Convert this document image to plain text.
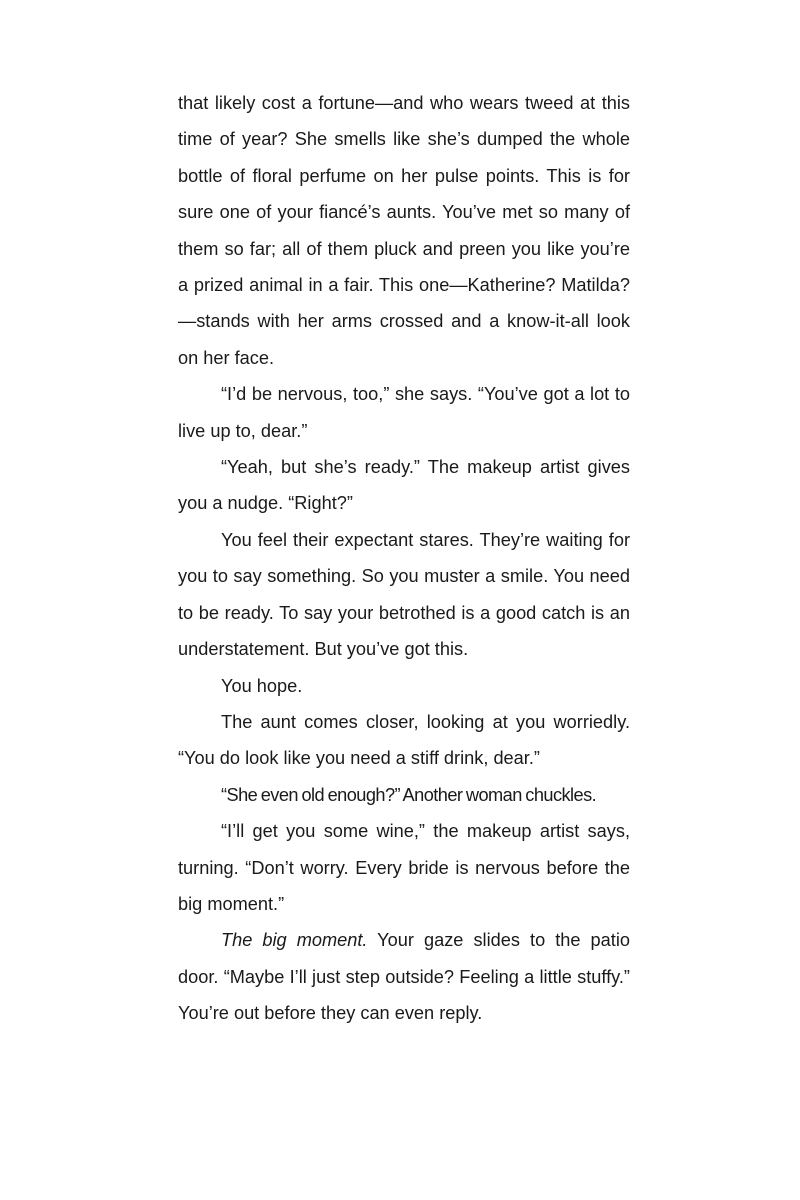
that likely cost a fortune—and who wears tweed at this time of year? She smells like she’s dumped the whole bottle of floral perfume on her pulse points. This is for sure one of your fiancé’s aunts. You’ve met so many of them so far; all of them pluck and preen you like you’re a prized animal in a fair. This one—Katherine? Matilda?—stands with her arms crossed and a know-it-all look on her face.

“I’d be nervous, too,” she says. “You’ve got a lot to live up to, dear.”

“Yeah, but she’s ready.” The makeup artist gives you a nudge. “Right?”

You feel their expectant stares. They’re waiting for you to say something. So you muster a smile. You need to be ready. To say your betrothed is a good catch is an understatement. But you’ve got this.

You hope.

The aunt comes closer, looking at you worriedly. “You do look like you need a stiff drink, dear.”

“She even old enough?” Another woman chuckles.

“I’ll get you some wine,” the makeup artist says, turning. “Don’t worry. Every bride is nervous before the big moment.”

The big moment. Your gaze slides to the patio door. “Maybe I’ll just step outside? Feeling a little stuffy.” You’re out before they can even reply.
